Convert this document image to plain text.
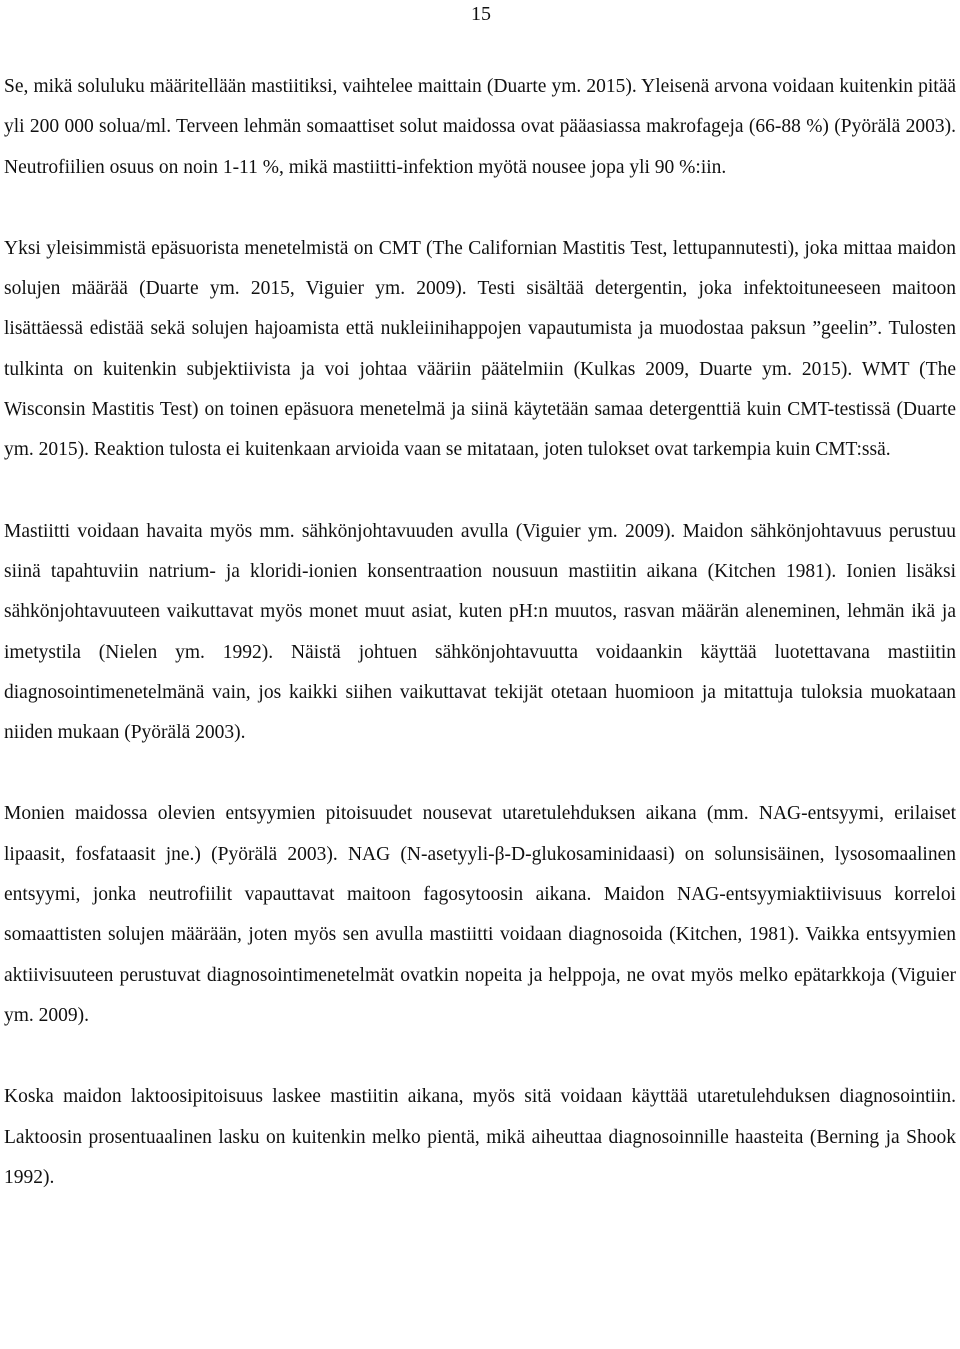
15

Se, mikä soluluku määritellään mastiitiksi, vaihtelee maittain (Duarte ym. 2015). Yleisenä arvona voidaan kuitenkin pitää yli 200 000 solua/ml. Terveen lehmän somaattiset solut maidossa ovat pääasiassa makrofageja (66-88 %) (Pyörälä 2003). Neutrofiilien osuus on noin 1-11 %, mikä mastiitti-infektion myötä nousee jopa yli 90 %:iin.

Yksi yleisimmistä epäsuorista menetelmistä on CMT (The Californian Mastitis Test, lettupannutesti), joka mittaa maidon solujen määrää (Duarte ym. 2015, Viguier ym. 2009). Testi sisältää detergentin, joka infektoituneeseen maitoon lisättäessä edistää sekä solujen hajoamista että nukleiinihappojen vapautumista ja muodostaa paksun ”geelin”. Tulosten tulkinta on kuitenkin subjektiivista ja voi johtaa vääriin päätelmiin (Kulkas 2009, Duarte ym. 2015). WMT (The Wisconsin Mastitis Test) on toinen epäsuora menetelmä ja siinä käytetään samaa detergenttiä kuin CMT-testissä (Duarte ym. 2015). Reaktion tulosta ei kuitenkaan arvioida vaan se mitataan, joten tulokset ovat tarkempia kuin CMT:ssä.

Mastiitti voidaan havaita myös mm. sähkönjohtavuuden avulla (Viguier ym. 2009). Maidon sähkönjohtavuus perustuu siinä tapahtuviin natrium- ja kloridi-ionien konsentraation nousuun mastiitin aikana (Kitchen 1981). Ionien lisäksi sähkönjohtavuuteen vaikuttavat myös monet muut asiat, kuten pH:n muutos, rasvan määrän aleneminen, lehmän ikä ja imetystila (Nielen ym. 1992). Näistä johtuen sähkönjohtavuutta voidaankin käyttää luotettavana mastiitin diagnosointimenetelmänä vain, jos kaikki siihen vaikuttavat tekijät otetaan huomioon ja mitattuja tuloksia muokataan niiden mukaan (Pyörälä 2003).

Monien maidossa olevien entsyymien pitoisuudet nousevat utaretulehduksen aikana (mm. NAG-entsyymi, erilaiset lipaasit, fosfataasit jne.) (Pyörälä 2003). NAG (N-asetyyli-β-D-glukosaminidaasi) on solunsisäinen, lysosomaalinen entsyymi, jonka neutrofiilit vapauttavat maitoon fagosytoosin aikana. Maidon NAG-entsyymiaktiivisuus korreloi somaattisten solujen määrään, joten myös sen avulla mastiitti voidaan diagnosoida (Kitchen, 1981). Vaikka entsyymien aktiivisuuteen perustuvat diagnosointimenetelmät ovatkin nopeita ja helppoja, ne ovat myös melko epätarkkoja (Viguier ym. 2009).

Koska maidon laktoosipitoisuus laskee mastiitin aikana, myös sitä voidaan käyttää utaretulehduksen diagnosointiin. Laktoosin prosentuaalinen lasku on kuitenkin melko pientä, mikä aiheuttaa diagnosoinnille haasteita (Berning ja Shook 1992).
